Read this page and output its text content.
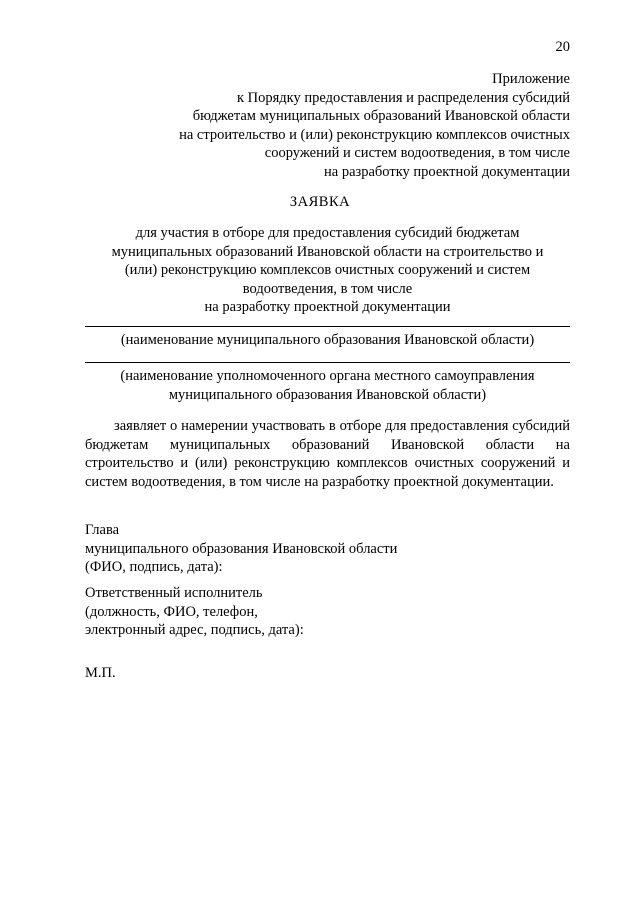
20
Приложение
к Порядку предоставления и распределения субсидий
бюджетам муниципальных образований Ивановской области
на строительство и (или) реконструкцию комплексов очистных
сооружений и систем водоотведения, в том числе
на разработку проектной документации
ЗАЯВКА
для участия в отборе для предоставления субсидий бюджетам
муниципальных образований Ивановской области на строительство и
(или) реконструкцию комплексов очистных сооружений и систем
водоотведения, в том числе
на разработку проектной документации
(наименование муниципального образования Ивановской области)
(наименование уполномоченного органа местного самоуправления
муниципального образования Ивановской области)
заявляет о намерении участвовать в отборе для предоставления субсидий бюджетам муниципальных образований Ивановской области на строительство и (или) реконструкцию комплексов очистных сооружений и систем водоотведения, в том числе на разработку проектной документации.
Глава
муниципального образования Ивановской области
(ФИО, подпись, дата):
Ответственный исполнитель
(должность, ФИО, телефон,
электронный адрес, подпись, дата):
М.П.
